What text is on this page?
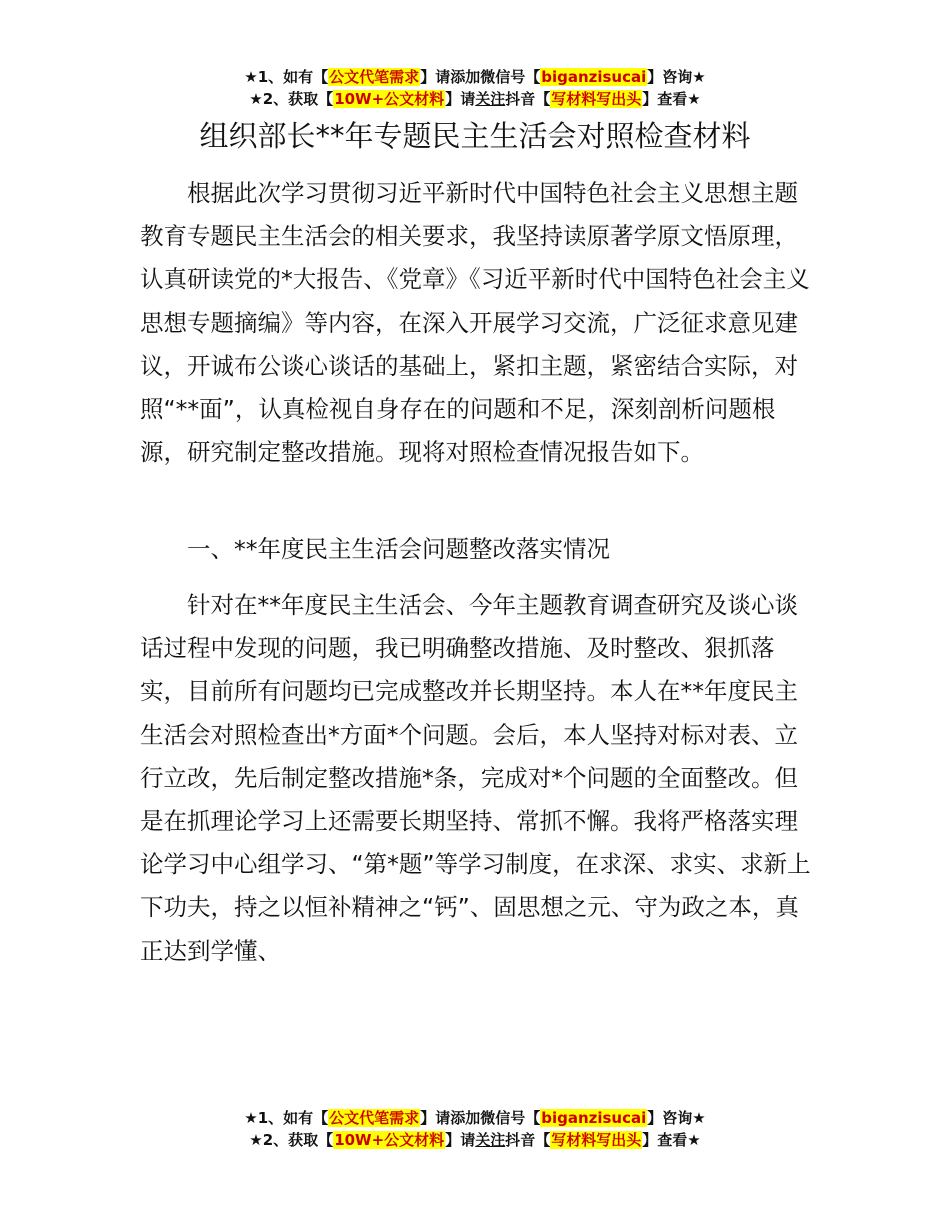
★1、如有【公文代笔需求】请添加微信号【biganzisucai】咨询★
★2、获取【10W+公文材料】请关注抖音【写材料写出头】查看★
组织部长**年专题民主生活会对照检查材料

根据此次学习贯彻习近平新时代中国特色社会主义思想主题教育专题民主生活会的相关要求，我坚持读原著学原文悟原理，认真研读党的*大报告、《党章》《习近平新时代中国特色社会主义思想专题摘编》等内容，在深入开展学习交流，广泛征求意见建议，开诚布公谈心谈话的基础上，紧扣主题，紧密结合实际，对照“**面”，认真检视自身存在的问题和不足，深刻剖析问题根源，研究制定整改措施。现将对照检查情况报告如下。

一、**年度民主生活会问题整改落实情况

针对在**年度民主生活会、今年主题教育调查研究及谈心谈话过程中发现的问题，我已明确整改措施、及时整改、狠抓落实，目前所有问题均已完成整改并长期坚持。本人在**年度民主生活会对照检查出*方面*个问题。会后，本人坚持对标对表、立行立改，先后制定整改措施*条，完成对*个问题的全面整改。但是在抓理论学习上还需要长期坚持、常抓不懈。我将严格落实理论学习中心组学习、“第*题”等学习制度，在求深、求实、求新上下功夫，持之以恒补精神之“钙”、固思想之元、守为政之本，真正达到学懂、

★1、如有【公文代笔需求】请添加微信号【biganzisucai】咨询★
★2、获取【10W+公文材料】请关注抖音【写材料写出头】查看★
